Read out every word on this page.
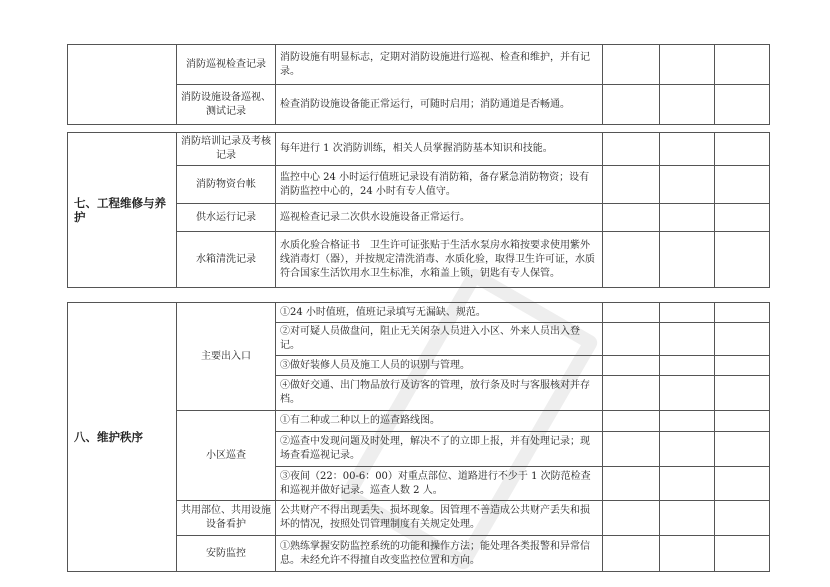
	消防巡视检查记录	消防设施有明显标志，定期对消防设施进行巡视、检查和维护，并有记录。			
	消防设施设备巡视、测试记录	检查消防设施设备能正常运行，可随时启用；消防通道是否畅通。			
七、工程维修与养护	消防培训记录及考核记录	每年进行 1 次消防训练，相关人员掌握消防基本知识和技能。			
	消防物资台帐	监控中心 24 小时运行值班记录设有消防箱，备存紧急消防物资；设有消防监控中心的，24 小时有专人值守。			
	供水运行记录	巡视检查记录二次供水设施设备正常运行。			
	水箱清洗记录	水质化验合格证书　卫生许可证张贴于生活水泵房水箱按要求使用紫外线消毒灯（器），并按规定清洗消毒、水质化验，取得卫生许可证，水质符合国家生活饮用水卫生标准，水箱盖上锁，钥匙有专人保管。			
八、维护秩序	主要出入口	①24 小时值班，值班记录填写无漏缺、规范。			
		②对可疑人员做盘问，阻止无关闲杂人员进入小区、外来人员出入登记。			
		③做好装修人员及施工人员的识别与管理。			
		④做好交通、出门物品放行及访客的管理，放行条及时与客服核对并存档。			
	小区巡查	①有二种或二种以上的巡查路线图。			
		②巡查中发现问题及时处理，解决不了的立即上报，并有处理记录；现场查看巡视记录。			
		③夜间（22：00-6：00）对重点部位、道路进行不少于 1 次防范检查和巡视并做好记录。巡查人数 2 人。			
	共用部位、共用设施设备看护	公共财产不得出现丢失、损坏现象。因管理不善造成公共财产丢失和损坏的情况，按照处罚管理制度有关规定处理。			
	安防监控	①熟练掌握安防监控系统的功能和操作方法；能处理各类报警和异常信息。未经允许不得擅自改变监控位置和方向。			
